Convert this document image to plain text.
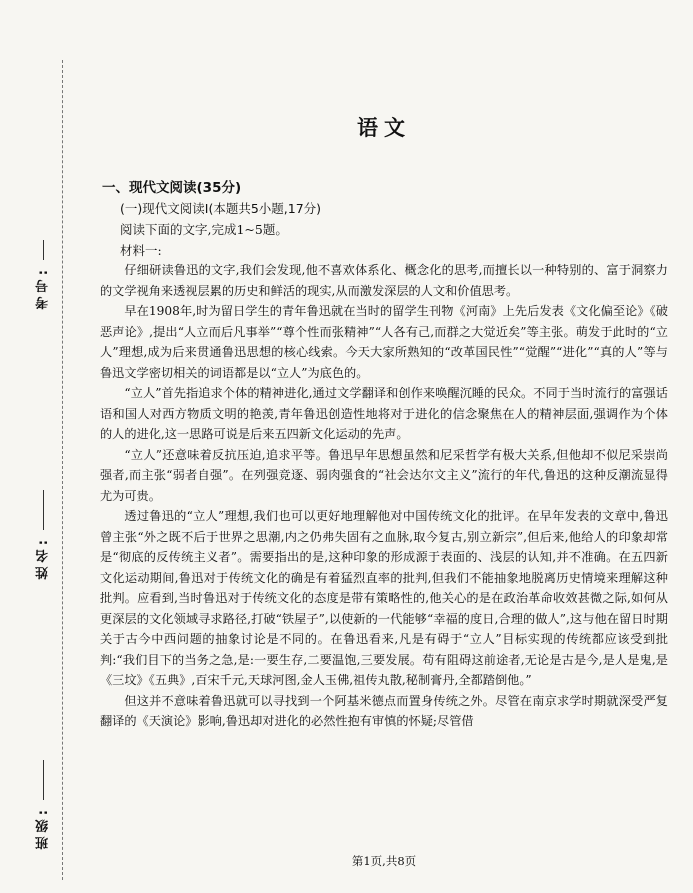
考号:
姓名:
班级:
语文
一、现代文阅读(35分)
(一)现代文阅读Ⅰ(本题共5小题,17分)
阅读下面的文字,完成1~5题。
材料一:

仔细研读鲁迅的文字,我们会发现,他不喜欢体系化、概念化的思考,而擅长以一种特别的、富于洞察力的文学视角来透视层累的历史和鲜活的现实,从而激发深层的人文和价值思考。

早在1908年,时为留日学生的青年鲁迅就在当时的留学生刊物《河南》上先后发表《文化偏至论》《破恶声论》,提出“人立而后凡事举”“尊个性而张精神”“人各有己,而群之大觉近矣”等主张。萌发于此时的“立人”理想,成为后来贯通鲁迅思想的核心线索。今天大家所熟知的“改革国民性”“觉醒”“进化”“真的人”等与鲁迅文学密切相关的词语都是以“立人”为底色的。

“立人”首先指追求个体的精神进化,通过文学翻译和创作来唤醒沉睡的民众。不同于当时流行的富强话语和国人对西方物质文明的艳羡,青年鲁迅创造性地将对于进化的信念聚焦在人的精神层面,强调作为个体的人的进化,这一思路可说是后来五四新文化运动的先声。

“立人”还意味着反抗压迫,追求平等。鲁迅早年思想虽然和尼采哲学有极大关系,但他却不似尼采崇尚强者,而主张“弱者自强”。在列强竞逐、弱肉强食的“社会达尔文主义”流行的年代,鲁迅的这种反潮流显得尤为可贵。

透过鲁迅的“立人”理想,我们也可以更好地理解他对中国传统文化的批评。在早年发表的文章中,鲁迅曾主张“外之既不后于世界之思潮,内之仍弗失固有之血脉,取今复古,别立新宗”,但后来,他给人的印象却常是“彻底的反传统主义者”。需要指出的是,这种印象的形成源于表面的、浅层的认知,并不准确。在五四新文化运动期间,鲁迅对于传统文化的确是有着猛烈直率的批判,但我们不能抽象地脱离历史情境来理解这种批判。应看到,当时鲁迅对于传统文化的态度是带有策略性的,他关心的是在政治革命收效甚微之际,如何从更深层的文化领域寻求路径,打破“铁屋子”,以使新的一代能够“幸福的度日,合理的做人”,这与他在留日时期关于古今中西问题的抽象讨论是不同的。在鲁迅看来,凡是有碍于“立人”目标实现的传统都应该受到批判:“我们目下的当务之急,是:一要生存,二要温饱,三要发展。苟有阻碍这前途者,无论是古是今,是人是鬼,是《三坟》《五典》,百宋千元,天球河图,金人玉佛,祖传丸散,秘制膏丹,全都踏倒他。”

但这并不意味着鲁迅就可以寻找到一个阿基米德点而置身传统之外。尽管在南京求学时期就深受严复翻译的《天演论》影响,鲁迅却对进化的必然性抱有审慎的怀疑;尽管借

第1页,共8页
